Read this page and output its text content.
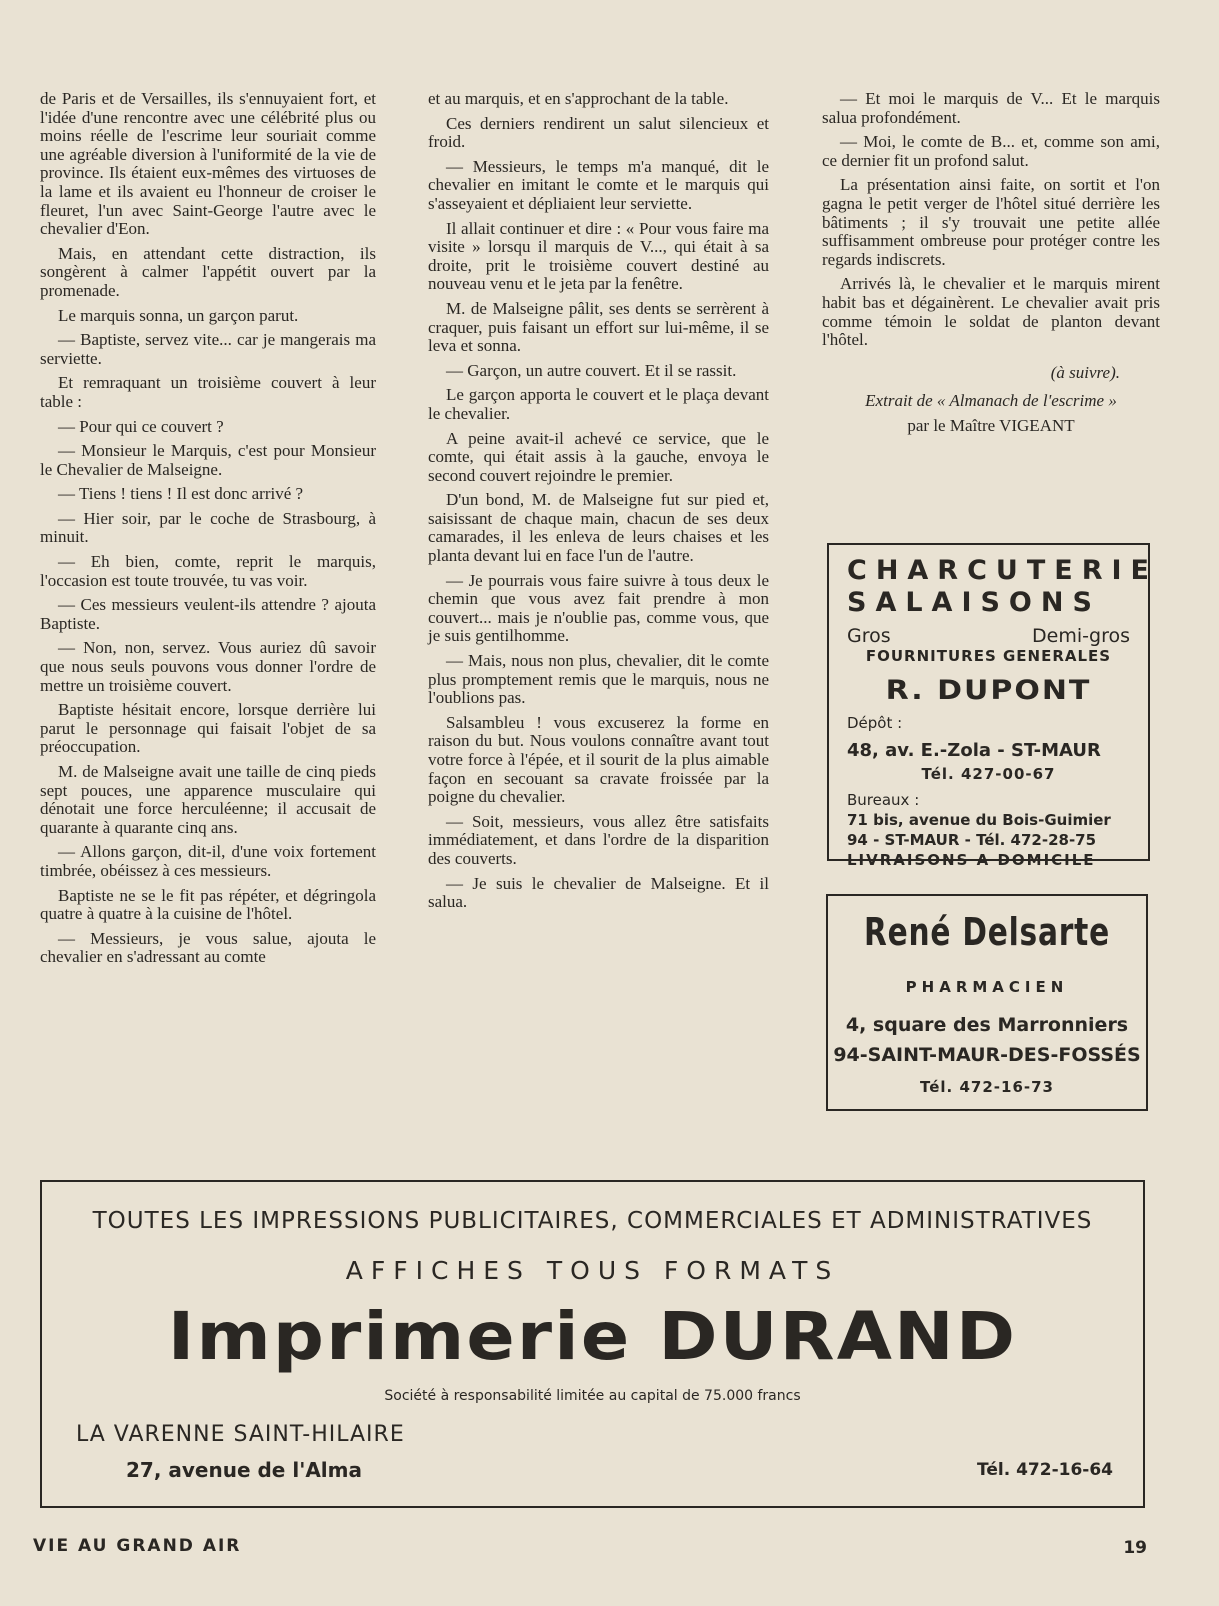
de Paris et de Versailles, ils s'ennuyaient fort, et l'idée d'une rencontre avec une célébrité plus ou moins réelle de l'escrime leur souriait comme une agréable diversion à l'uniformité de la vie de province. Ils étaient eux-mêmes des virtuoses de la lame et ils avaient eu l'honneur de croiser le fleuret, l'un avec Saint-George l'autre avec le chevalier d'Eon.

Mais, en attendant cette distraction, ils songèrent à calmer l'appétit ouvert par la promenade.

Le marquis sonna, un garçon parut.

— Baptiste, servez vite... car je mangerais ma serviette.

Et remraquant un troisième couvert à leur table :

— Pour qui ce couvert ?

— Monsieur le Marquis, c'est pour Monsieur le Chevalier de Malseigne.

— Tiens ! tiens ! Il est donc arrivé ?

— Hier soir, par le coche de Strasbourg, à minuit.

— Eh bien, comte, reprit le marquis, l'occasion est toute trouvée, tu vas voir.

— Ces messieurs veulent-ils attendre ? ajouta Baptiste.

— Non, non, servez. Vous auriez dû savoir que nous seuls pouvons vous donner l'ordre de mettre un troisième couvert.

Baptiste hésitait encore, lorsque derrière lui parut le personnage qui faisait l'objet de sa préoccupation.

M. de Malseigne avait une taille de cinq pieds sept pouces, une apparence musculaire qui dénotait une force herculéenne; il accusait de quarante à quarante cinq ans.

— Allons garçon, dit-il, d'une voix fortement timbrée, obéissez à ces messieurs.

Baptiste ne se le fit pas répéter, et dégringola quatre à quatre à la cuisine de l'hôtel.

— Messieurs, je vous salue, ajouta le chevalier en s'adressant au comte

et au marquis, et en s'approchant de la table.

Ces derniers rendirent un salut silencieux et froid.

— Messieurs, le temps m'a manqué, dit le chevalier en imitant le comte et le marquis qui s'asseyaient et dépliaient leur serviette.

Il allait continuer et dire : « Pour vous faire ma visite » lorsqu il marquis de V..., qui était à sa droite, prit le troisième couvert destiné au nouveau venu et le jeta par la fenêtre.

M. de Malseigne pâlit, ses dents se serrèrent à craquer, puis faisant un effort sur lui-même, il se leva et sonna.

— Garçon, un autre couvert. Et il se rassit.

Le garçon apporta le couvert et le plaça devant le chevalier.

A peine avait-il achevé ce service, que le comte, qui était assis à la gauche, envoya le second couvert rejoindre le premier.

D'un bond, M. de Malseigne fut sur pied et, saisissant de chaque main, chacun de ses deux camarades, il les enleva de leurs chaises et les planta devant lui en face l'un de l'autre.

— Je pourrais vous faire suivre à tous deux le chemin que vous avez fait prendre à mon couvert... mais je n'oublie pas, comme vous, que je suis gentilhomme.

— Mais, nous non plus, chevalier, dit le comte plus promptement remis que le marquis, nous ne l'oublions pas.

Salsambleu ! vous excuserez la forme en raison du but. Nous voulons connaître avant tout votre force à l'épée, et il sourit de la plus aimable façon en secouant sa cravate froissée par la poigne du chevalier.

— Soit, messieurs, vous allez être satisfaits immédiatement, et dans l'ordre de la disparition des couverts.

— Je suis le chevalier de Malseigne. Et il salua.

— Et moi le marquis de V... Et le marquis salua profondément.

— Moi, le comte de B... et, comme son ami, ce dernier fit un profond salut.

La présentation ainsi faite, on sortit et l'on gagna le petit verger de l'hôtel situé derrière les bâtiments ; il s'y trouvait une petite allée suffisamment ombreuse pour protéger contre les regards indiscrets.

Arrivés là, le chevalier et le marquis mirent habit bas et dégainèrent. Le chevalier avait pris comme témoin le soldat de planton devant l'hôtel.

(à suivre).

Extrait de « Almanach de l'escrime »

par le Maître VIGEANT

CHARCUTERIE
SALAISONS
Gros	Demi-gros
FOURNITURES GENERALES
R. DUPONT
Dépôt :
48, av. E.-Zola - ST-MAUR
Tél. 427-00-67
Bureaux :
71 bis, avenue du Bois-Guimier
94 - ST-MAUR - Tél. 472-28-75
LIVRAISONS A DOMICILE
René Delsarte
PHARMACIEN
4, square des Marronniers
94-SAINT-MAUR-DES-FOSSÉS
Tél. 472-16-73
TOUTES LES IMPRESSIONS PUBLICITAIRES, COMMERCIALES ET ADMINISTRATIVES
AFFICHES TOUS FORMATS
Imprimerie DURAND
Société à responsabilité limitée au capital de 75.000 francs
LA VARENNE SAINT-HILAIRE
27, avenue de l'Alma	Tél. 472-16-64
VIE AU GRAND AIR	19
